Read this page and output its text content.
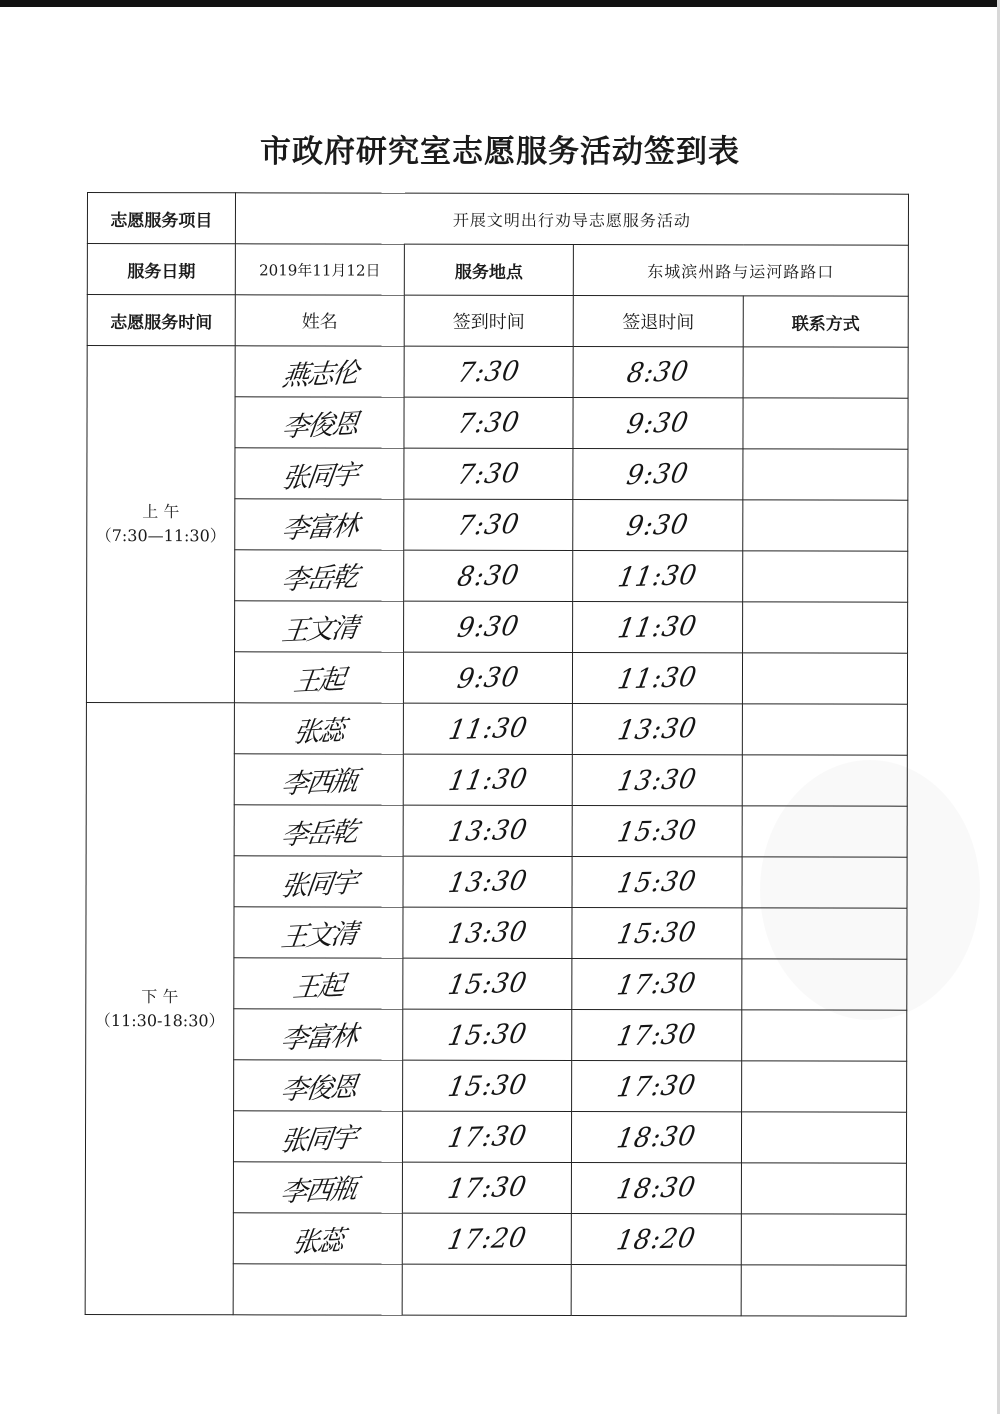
市政府研究室志愿服务活动签到表
志愿服务项目	开展文明出行劝导志愿服务活动			
服务日期	2019年11月12日	服务地点	东城滨州路与运河路路口	
志愿服务时间	姓名	签到时间	签退时间	联系方式

上 午
（7:30—11:30）	燕志伦	7:30	8:30	
	李俊恩	7:30	9:30	
	张同宇	7:30	9:30	
	李富林	7:30	9:30	
	李岳乾	8:30	11:30	
	王文清	9:30	11:30	
	王起	9:30	11:30	

下 午
（11:30-18:30）	张蕊	11:30	13:30	
	李西瓶	11:30	13:30	
	李岳乾	13:30	15:30	
	张同宇	13:30	15:30	
	王文清	13:30	15:30	
	王起	15:30	17:30	
	李富林	15:30	17:30	
	李俊恩	15:30	17:30	
	张同宇	17:30	18:30	
	李西瓶	17:30	18:30	
	张蕊	17:20	18:20	
